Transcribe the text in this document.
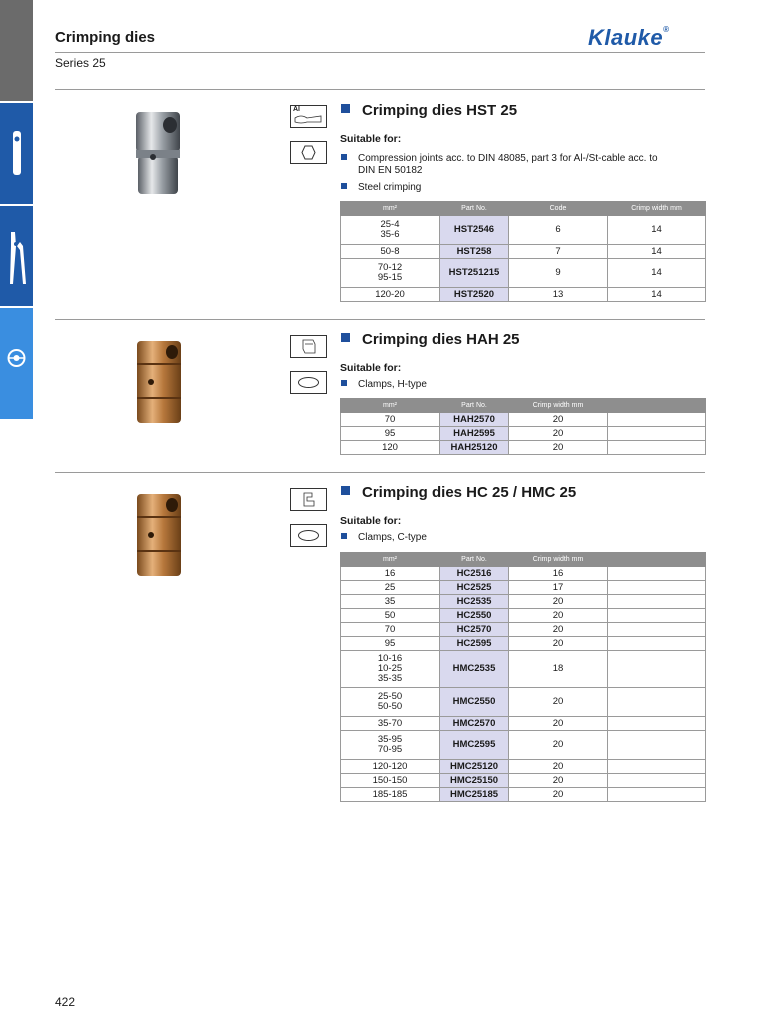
Crimping dies
Series 25
Klauke®
Al	Crimping dies HST 25
Suitable for:
Compression joints acc. to DIN 48085, part 3 for Al-/St-cable acc. to DIN EN 50182
Steel crimping
mm²	Part No.	Code	Crimp width mm
25-4
35-6	HST2546	6	14
50-8	HST258	7	14
70-12
95-15	HST251215	9	14
120-20	HST2520	13	14
Crimping dies HAH 25
Suitable for:
Clamps, H-type
mm²	Part No.	Crimp width mm	
70	HAH2570	20	
95	HAH2595	20	
120	HAH25120	20	
Crimping dies HC 25 / HMC 25
Suitable for:
Clamps, C-type
mm²	Part No.	Crimp width mm	
16	HC2516	16	
25	HC2525	17	
35	HC2535	20	
50	HC2550	20	
70	HC2570	20	
95	HC2595	20	
10-16
10-25
35-35	HMC2535	18	
25-50
50-50	HMC2550	20	
35-70	HMC2570	20	
35-95
70-95	HMC2595	20	
120-120	HMC25120	20	
150-150	HMC25150	20	
185-185	HMC25185	20	
422
